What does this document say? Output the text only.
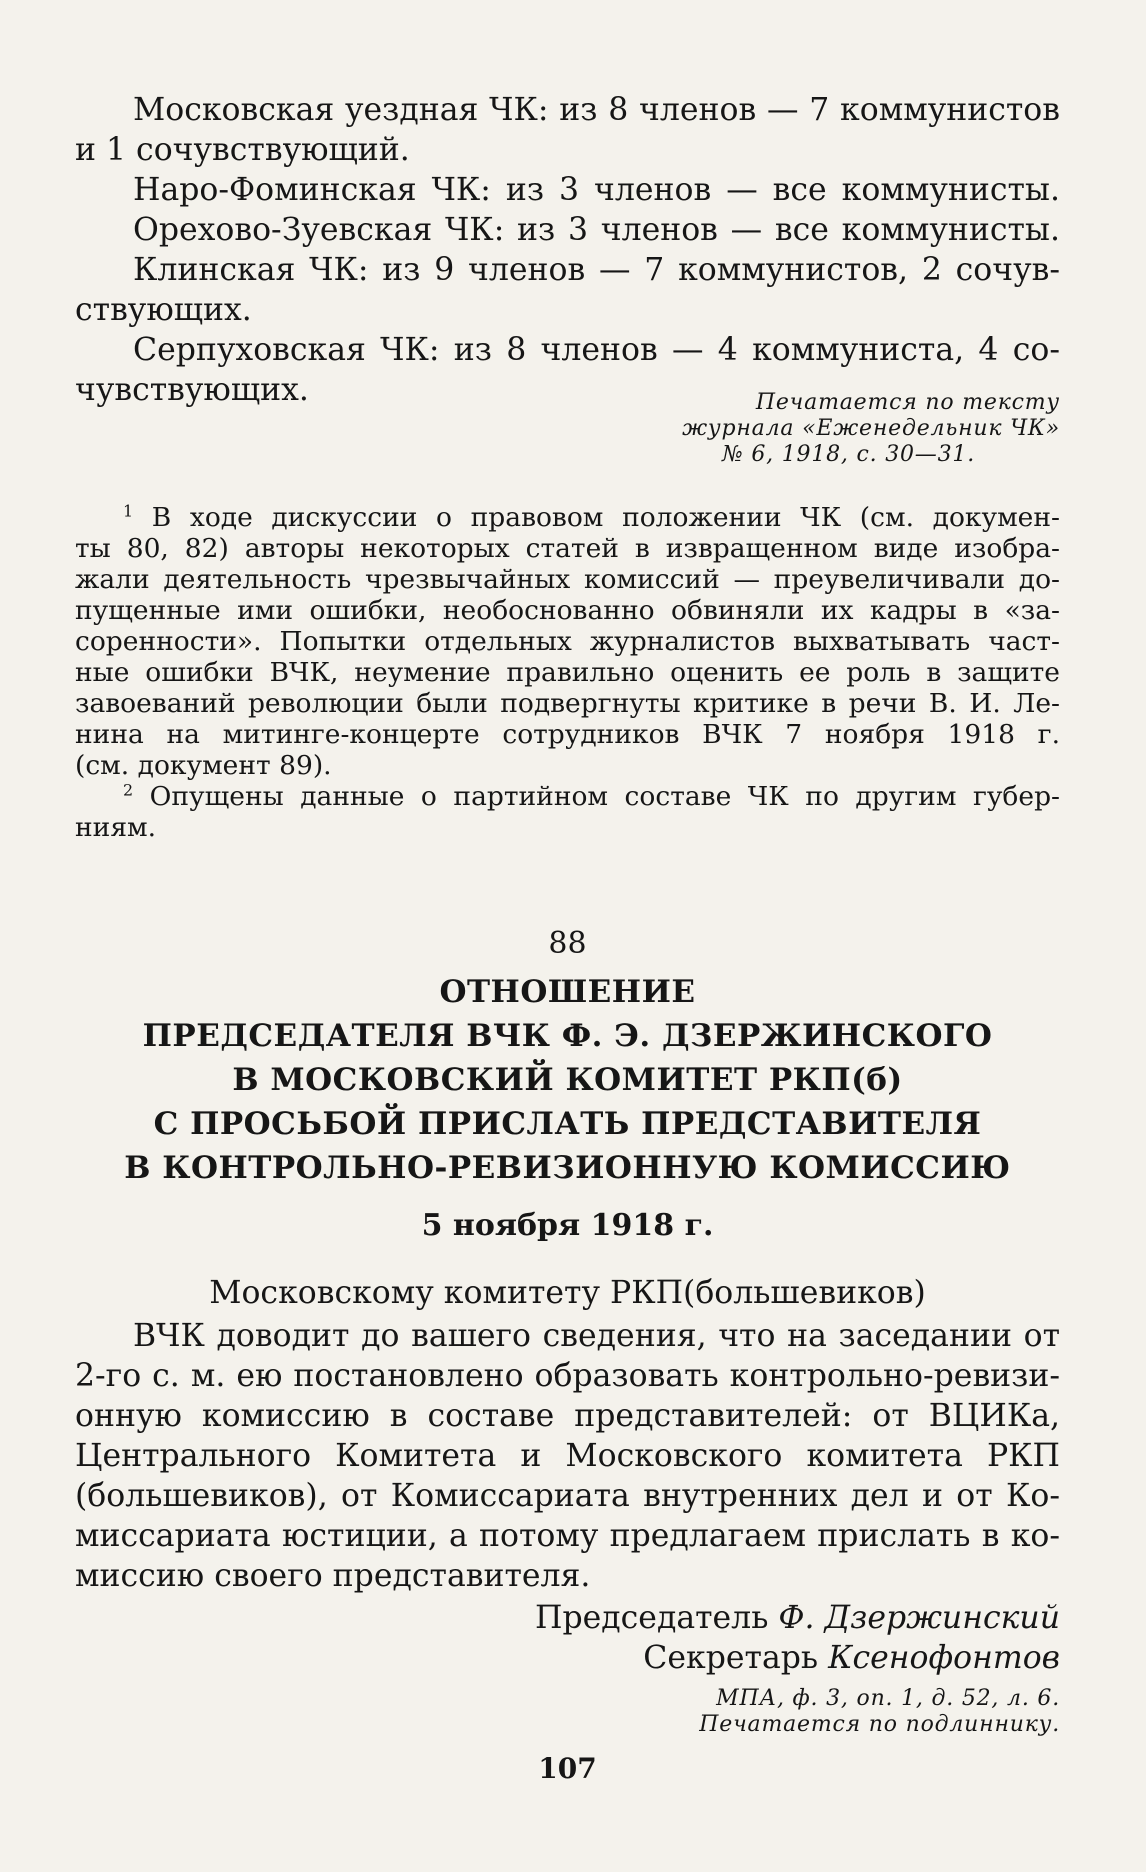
Московская уездная ЧК: из 8 членов — 7 коммунистов
и 1 сочувствующий.
Наро-Фоминская ЧК: из 3 членов — все коммунисты.
Орехово-Зуевская ЧК: из 3 членов — все коммунисты.
Клинская ЧК: из 9 членов — 7 коммунистов, 2 сочув-
ствующих.
Серпуховская ЧК: из 8 членов — 4 коммуниста, 4 со-
чувствующих.	Печатается по тексту
журнала «Еженедельник ЧК»
№ 6, 1918, с. 30—31.
$^1$ В ходе дискуссии о правовом положении ЧК (см. докумен-
ты 80, 82) авторы некоторых статей в извращенном виде изобра-
жали деятельность чрезвычайных комиссий — преувеличивали до-
пущенные ими ошибки, необоснованно обвиняли их кадры в «за-
соренности». Попытки отдельных журналистов выхватывать част-
ные ошибки ВЧК, неумение правильно оценить ее роль в защите
завоеваний революции были подвергнуты критике в речи В. И. Ле-
нина на митинге-концерте сотрудников ВЧК 7 ноября 1918 г.
(см. документ 89).
$^2$ Опущены данные о партийном составе ЧК по другим губер-
ниям.
88
ОТНОШЕНИЕ
ПРЕДСЕДАТЕЛЯ ВЧК Ф. Э. ДЗЕРЖИНСКОГО
В МОСКОВСКИЙ КОМИТЕТ РКП(б)
С ПРОСЬБОЙ ПРИСЛАТЬ ПРЕДСТАВИТЕЛЯ
В КОНТРОЛЬНО-РЕВИЗИОННУЮ КОМИССИЮ
5 ноября 1918 г.
Московскому комитету РКП(большевиков)
ВЧК доводит до вашего сведения, что на заседании от
2-го с. м. ею постановлено образовать контрольно-ревизи-
онную комиссию в составе представителей: от ВЦИКа,
Центрального Комитета и Московского комитета РКП
(большевиков), от Комиссариата внутренних дел и от Ко-
миссариата юстиции, а потому предлагаем прислать в ко-
миссию своего представителя.
Председатель Ф. Дзержинский
Секретарь Ксенофонтов
МПА, ф. 3, оп. 1, д. 52, л. 6.
Печатается по подлиннику.
107
